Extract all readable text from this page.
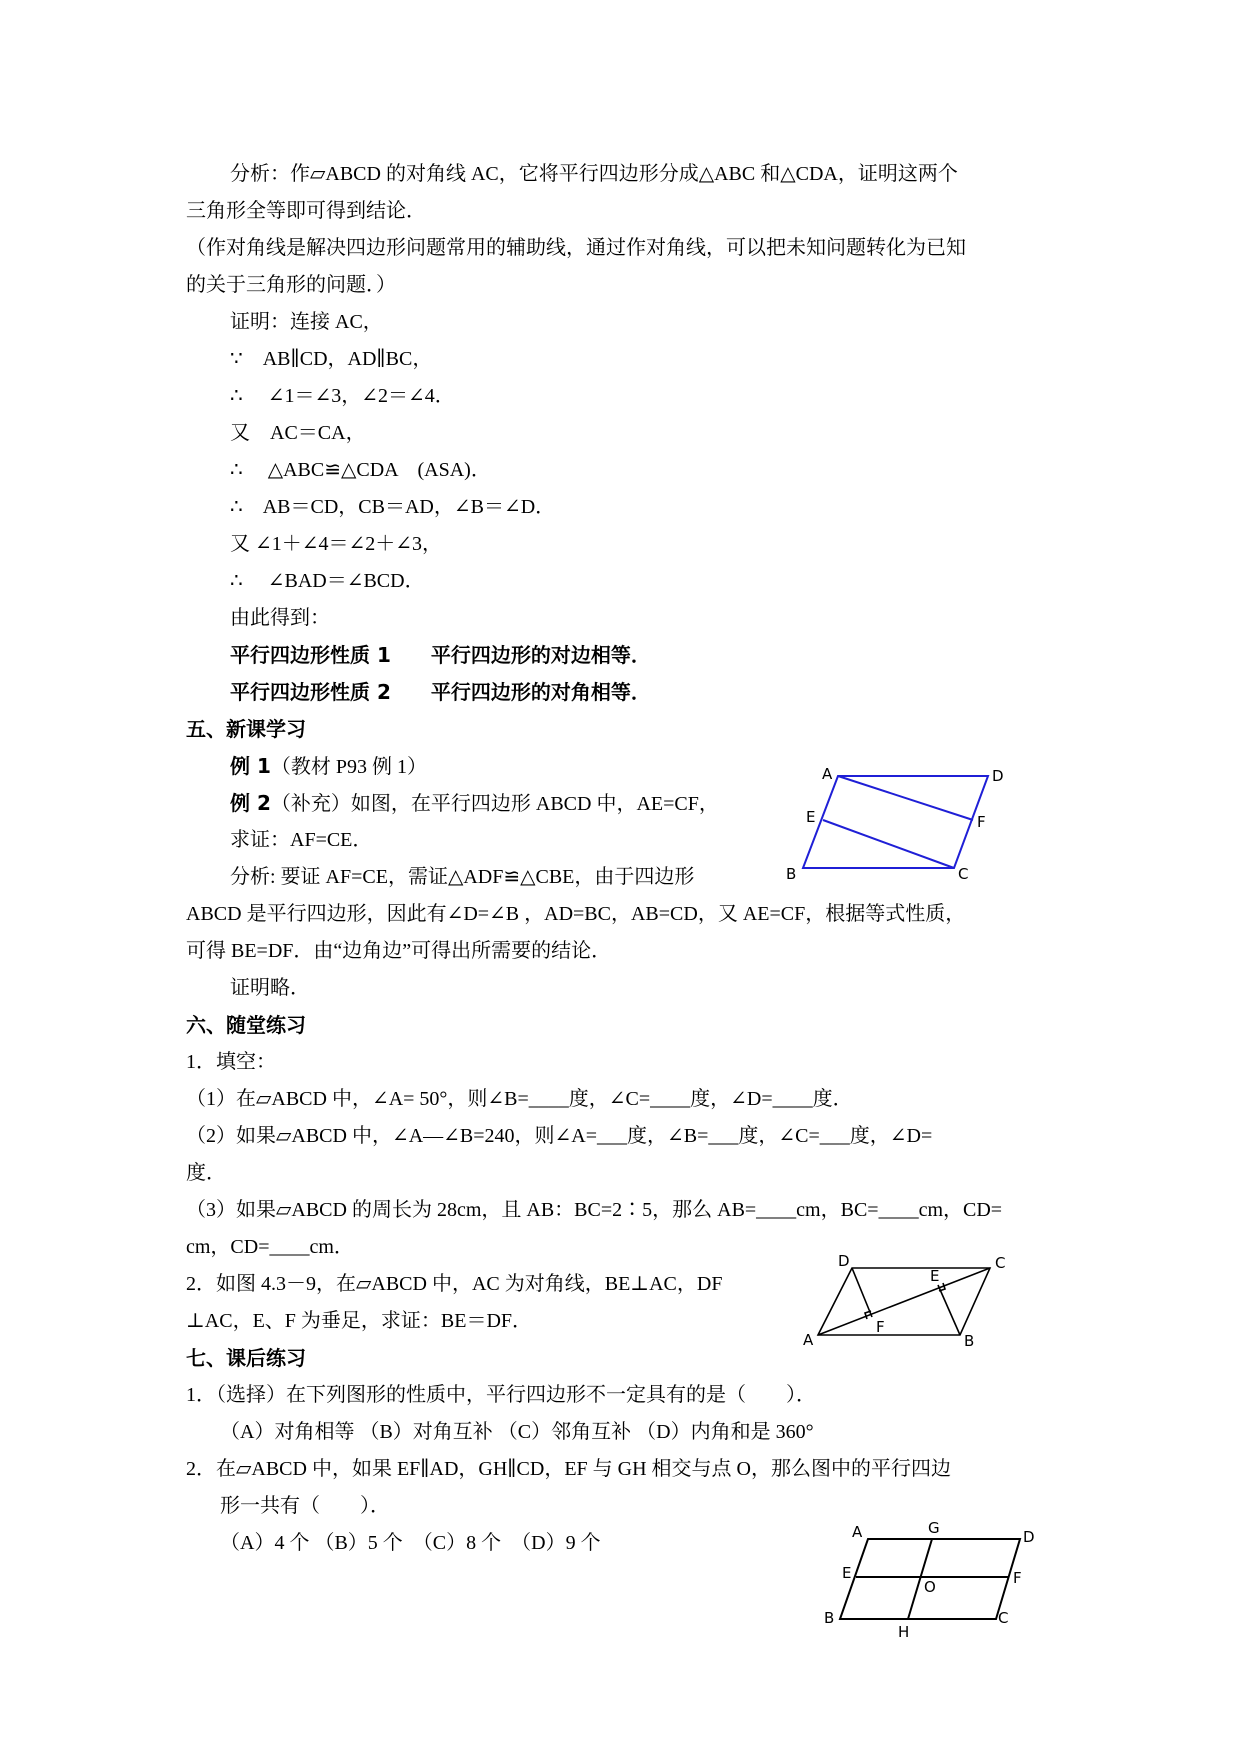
分析：作▱ABCD 的对角线 AC，它将平行四边形分成△ABC 和△CDA，证明这两个
三角形全等即可得到结论．
（作对角线是解决四边形问题常用的辅助线，通过作对角线，可以把未知问题转化为已知
的关于三角形的问题．）
证明：连接 AC，
∵　AB∥CD，AD∥BC，
∴　 ∠1＝∠3，∠2＝∠4．
又　AC＝CA，
∴　 △ABC≌△CDA　(ASA)．
∴　AB＝CD，CB＝AD，∠B＝∠D．
又 ∠1＋∠4＝∠2＋∠3，
∴　 ∠BAD＝∠BCD．
由此得到：
平行四边形性质 1　　平行四边形的对边相等．
平行四边形性质 2　　平行四边形的对角相等．
五、新课学习
例 1（教材 P93 例 1）
例 2（补充）如图，在平行四边形 ABCD 中，AE=CF，
求证：AF=CE．
分析: 要证 AF=CE，需证△ADF≌△CBE，由于四边形
ABCD 是平行四边形，因此有∠D=∠B ，AD=BC，AB=CD，又 AE=CF，根据等式性质，
可得 BE=DF．由“边角边”可得出所需要的结论．
证明略．
六、随堂练习
1．填空：
（1）在▱ABCD 中，∠A= 50°，则∠B=____度，∠C=____度，∠D=____度．
（2）如果▱ABCD 中，∠A—∠B=240，则∠A=___度，∠B=___度，∠C=___度，∠D=
度．
（3）如果▱ABCD 的周长为 28cm，且 AB：BC=2∶5，那么 AB=____cm，BC=____cm，CD=
cm，CD=____cm．
2．如图 4.3－9，在▱ABCD 中，AC 为对角线，BE⊥AC，DF
⊥AC，E、F 为垂足，求证：BE＝DF．
七、课后练习
1．（选择）在下列图形的性质中，平行四边形不一定具有的是（　　）．
（A）对角相等 （B）对角互补 （C）邻角互补 （D）内角和是 360°
2．在▱ABCD 中，如果 EF∥AD，GH∥CD，EF 与 GH 相交与点 O，那么图中的平行四边
形一共有（　　）．
（A）4 个 （B）5 个　（C）8 个　（D）9 个
A	D
E	F
B	C
D	C
E
F
A	B
A	G	D
E
O	F
B
H
C
